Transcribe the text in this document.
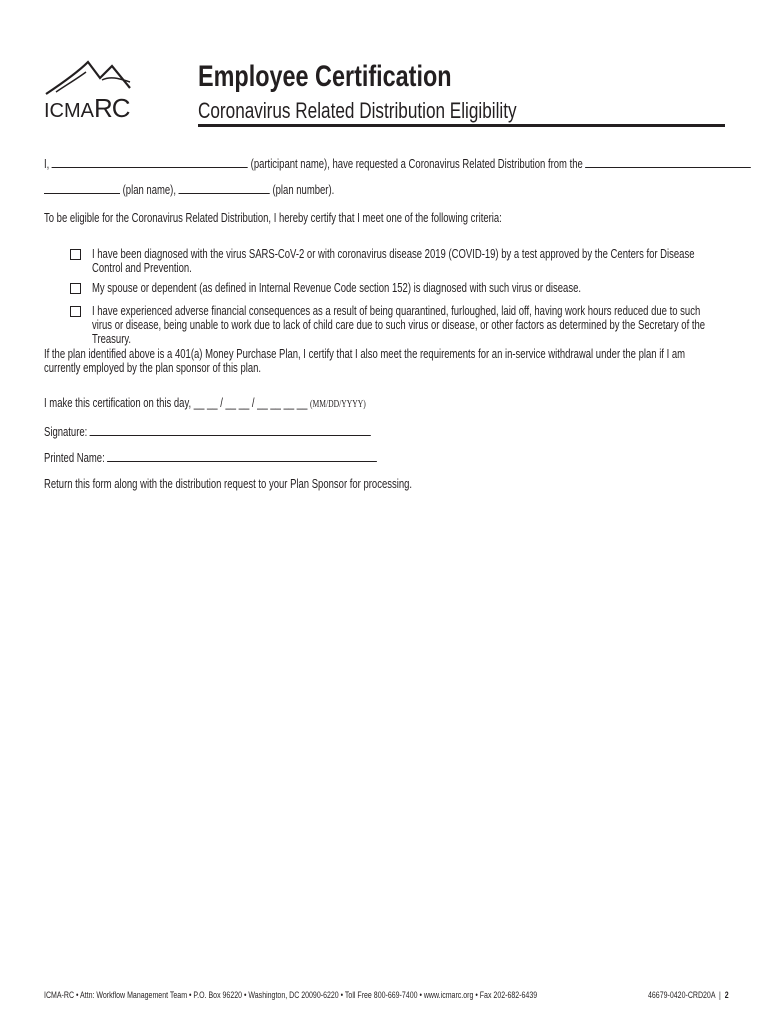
ICMARC
Employee Certification
Coronavirus Related Distribution Eligibility
I,	(participant name), have requested a Coronavirus Related Distribution from the
(plan name),	(plan number).
To be eligible for the Coronavirus Related Distribution, I hereby certify that I meet one of the following criteria:
I have been diagnosed with the virus SARS-CoV-2 or with coronavirus disease 2019 (COVID-19) by a test approved by the Centers for Disease Control and Prevention.
My spouse or dependent (as defined in Internal Revenue Code section 152) is diagnosed with such virus or disease.
I have experienced adverse financial consequences as a result of being quarantined, furloughed, laid off, having work hours reduced due to such virus or disease, being unable to work due to lack of child care due to such virus or disease, or other factors as determined by the Secretary of the Treasury.
If the plan identified above is a 401(a) Money Purchase Plan, I certify that I also meet the requirements for an in-service withdrawal under the plan if I am currently employed by the plan sponsor of this plan.
I make this certification on this day, __ __ / __ __ / __ __ __ __ (MM/DD/YYYY)
Signature:
Printed Name:
Return this form along with the distribution request to your Plan Sponsor for processing.
ICMA-RC • Attn: Workflow Management Team • P.O. Box 96220 • Washington, DC 20090-6220 • Toll Free 800-669-7400 • www.icmarc.org • Fax 202-682-6439	46679-0420-CRD20A | 2
